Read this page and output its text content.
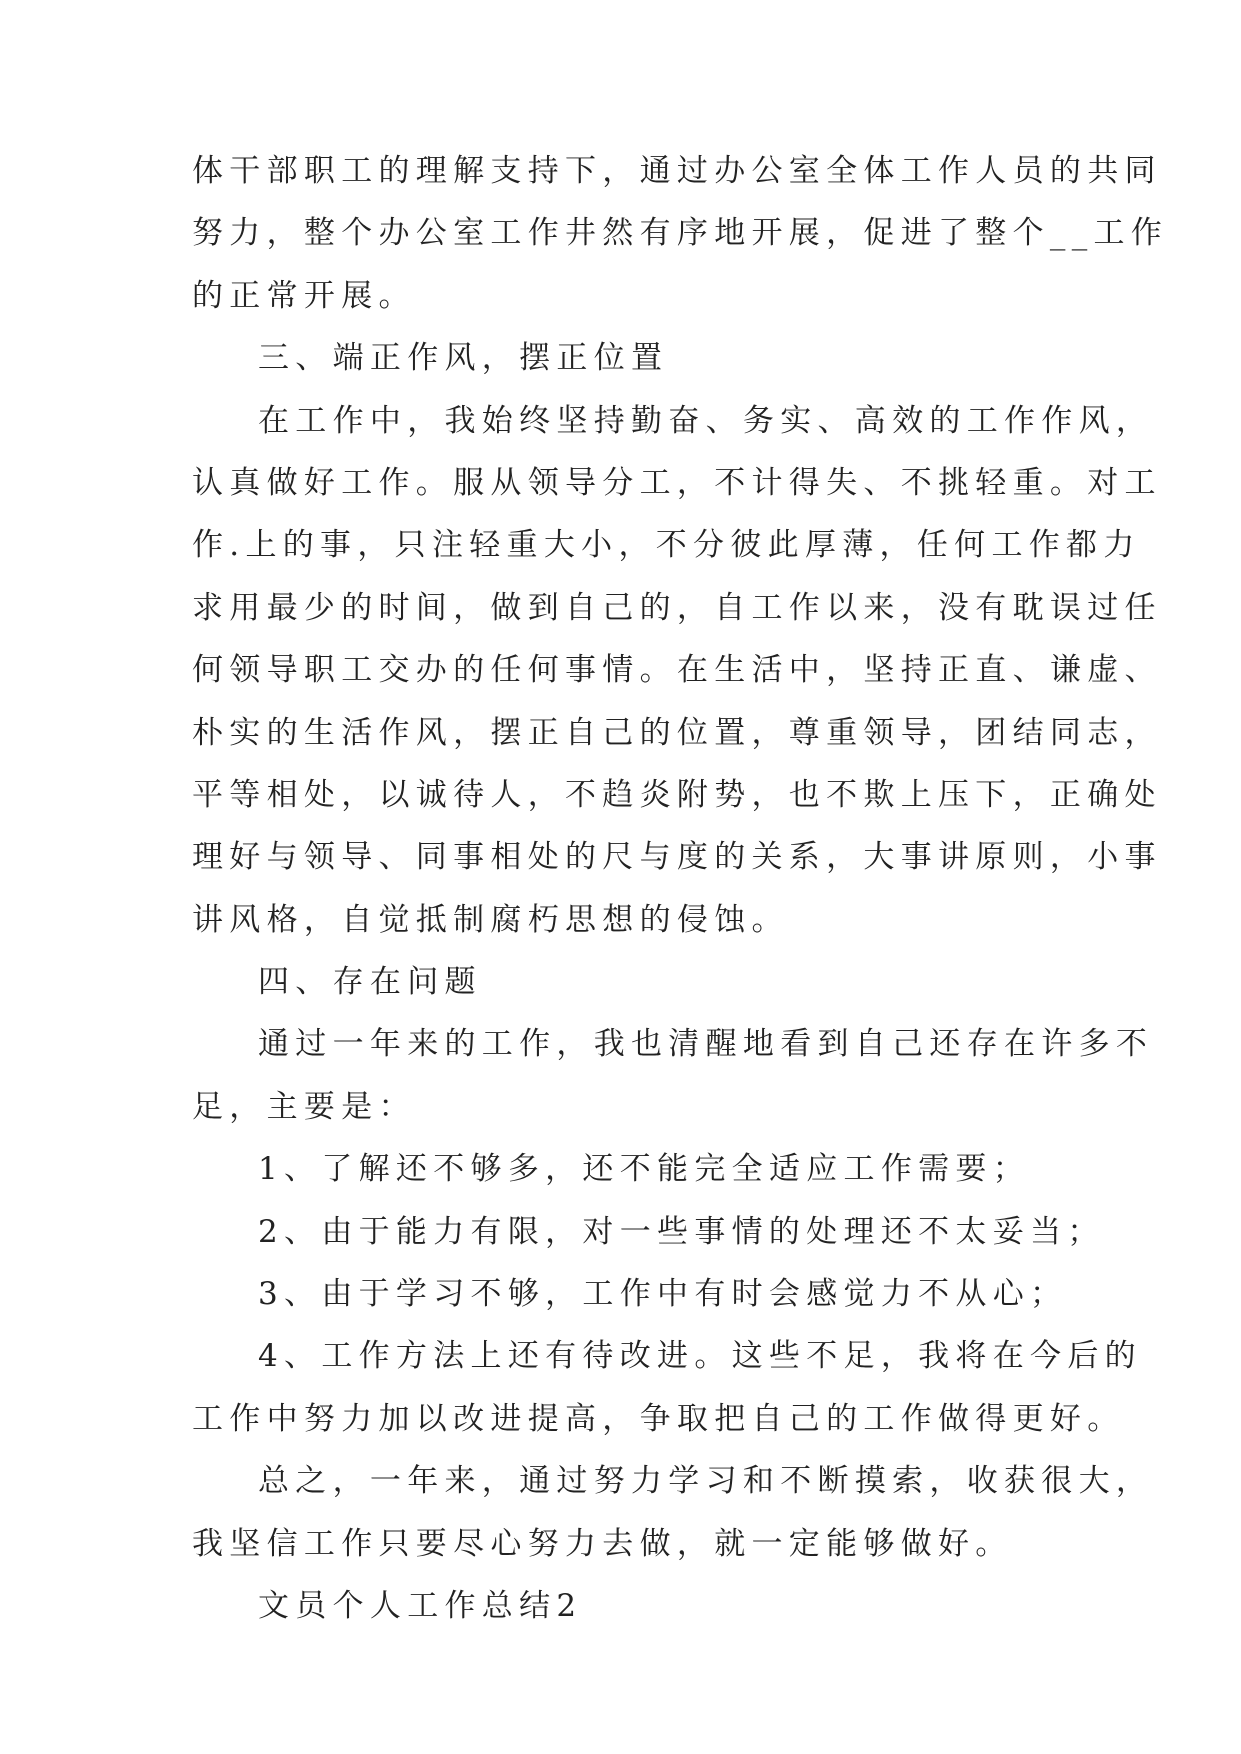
体干部职工的理解支持下，通过办公室全体工作人员的共同
努力，整个办公室工作井然有序地开展，促进了整个__工作
的正常开展。
三、端正作风，摆正位置
在工作中，我始终坚持勤奋、务实、高效的工作作风，
认真做好工作。服从领导分工，不计得失、不挑轻重。对工
作.上的事，只注轻重大小，不分彼此厚薄，任何工作都力
求用最少的时间，做到自己的，自工作以来，没有耽误过任
何领导职工交办的任何事情。在生活中，坚持正直、谦虚、
朴实的生活作风，摆正自己的位置，尊重领导，团结同志，
平等相处，以诚待人，不趋炎附势，也不欺上压下，正确处
理好与领导、同事相处的尺与度的关系，大事讲原则，小事
讲风格，自觉抵制腐朽思想的侵蚀。
四、存在问题
通过一年来的工作，我也清醒地看到自己还存在许多不
足，主要是：
1、了解还不够多，还不能完全适应工作需要；
2、由于能力有限，对一些事情的处理还不太妥当；
3、由于学习不够，工作中有时会感觉力不从心；
4、工作方法上还有待改进。这些不足，我将在今后的
工作中努力加以改进提高，争取把自己的工作做得更好。
总之，一年来，通过努力学习和不断摸索，收获很大，
我坚信工作只要尽心努力去做，就一定能够做好。
文员个人工作总结2
